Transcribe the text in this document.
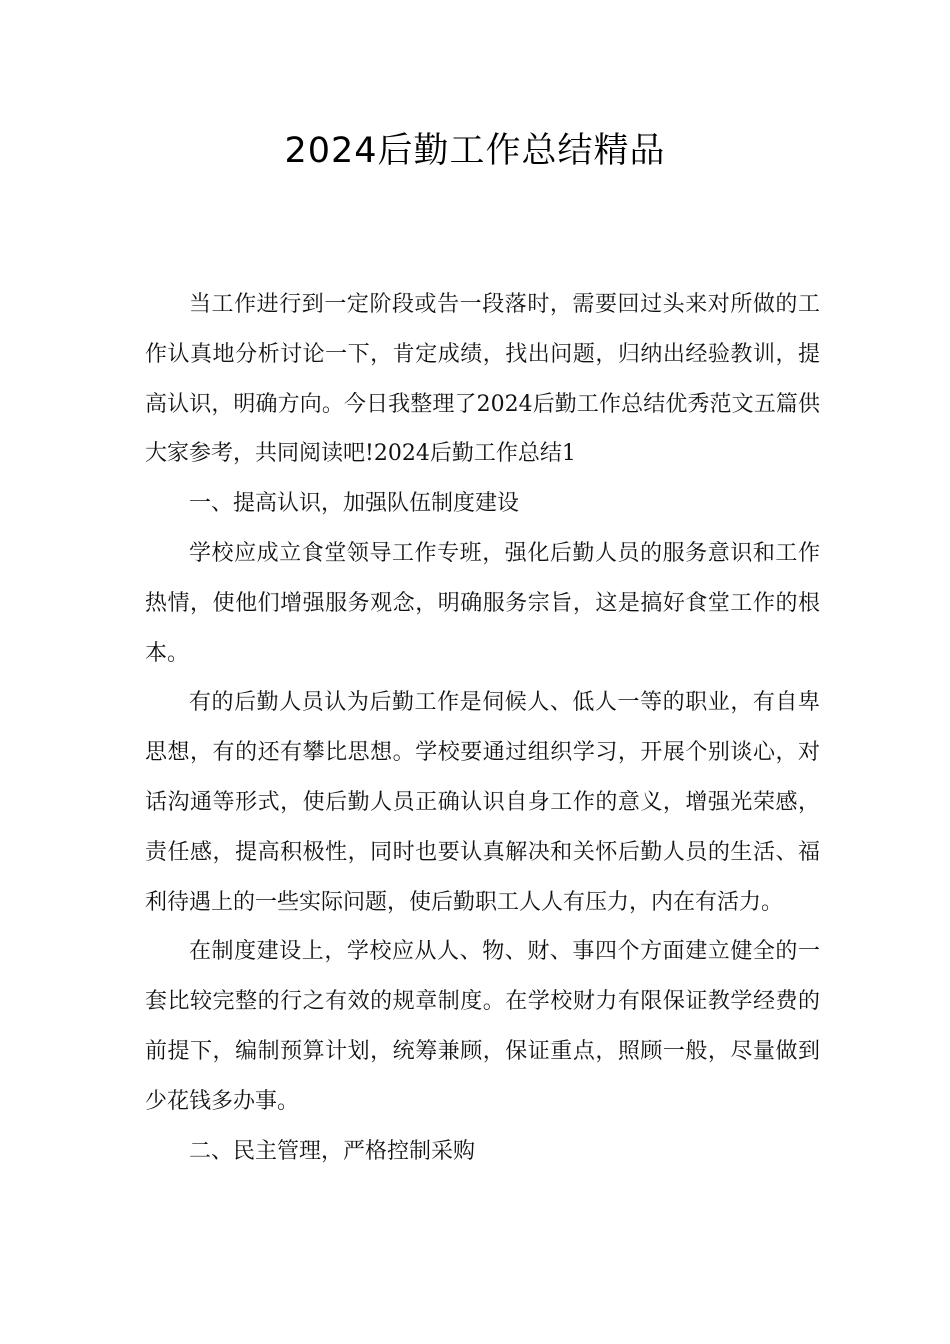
2024后勤工作总结精品

当工作进行到一定阶段或告一段落时，需要回过头来对所做的工作认真地分析讨论一下，肯定成绩，找出问题，归纳出经验教训，提高认识，明确方向。今日我整理了2024后勤工作总结优秀范文五篇供大家参考，共同阅读吧!2024后勤工作总结1

一、提高认识，加强队伍制度建设

学校应成立食堂领导工作专班，强化后勤人员的服务意识和工作热情，使他们增强服务观念，明确服务宗旨，这是搞好食堂工作的根本。

有的后勤人员认为后勤工作是伺候人、低人一等的职业，有自卑思想，有的还有攀比思想。学校要通过组织学习，开展个别谈心，对话沟通等形式，使后勤人员正确认识自身工作的意义，增强光荣感，责任感，提高积极性，同时也要认真解决和关怀后勤人员的生活、福利待遇上的一些实际问题，使后勤职工人人有压力，内在有活力。

在制度建设上，学校应从人、物、财、事四个方面建立健全的一套比较完整的行之有效的规章制度。在学校财力有限保证教学经费的前提下，编制预算计划，统筹兼顾，保证重点，照顾一般，尽量做到少花钱多办事。

二、民主管理，严格控制采购
